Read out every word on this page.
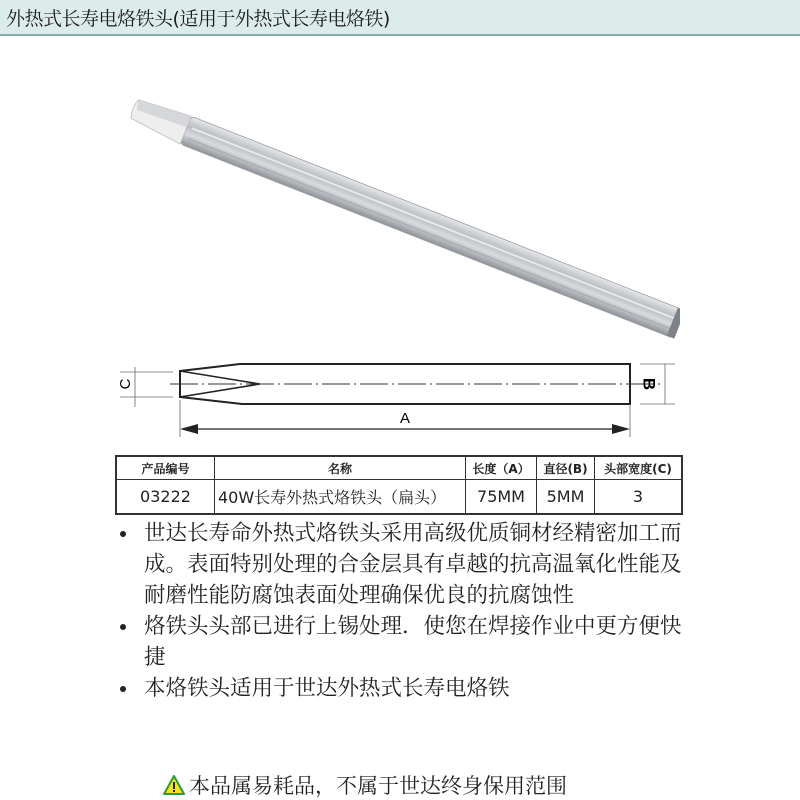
外热式长寿电烙铁头(适用于外热式长寿电烙铁)
A
C	B
产品编号	名称	长度（A）	直径(B)	头部宽度(C)
03222	40W长寿外热式烙铁头（扁头）	75MM	5MM	3
世达长寿命外热式烙铁头采用高级优质铜材经精密加工而成。表面特别处理的合金层具有卓越的抗高温氧化性能及耐磨性能防腐蚀表面处理确保优良的抗腐蚀性
烙铁头头部已进行上锡处理．使您在焊接作业中更方便快捷
本烙铁头适用于世达外热式长寿电烙铁
本品属易耗品，不属于世达终身保用范围
